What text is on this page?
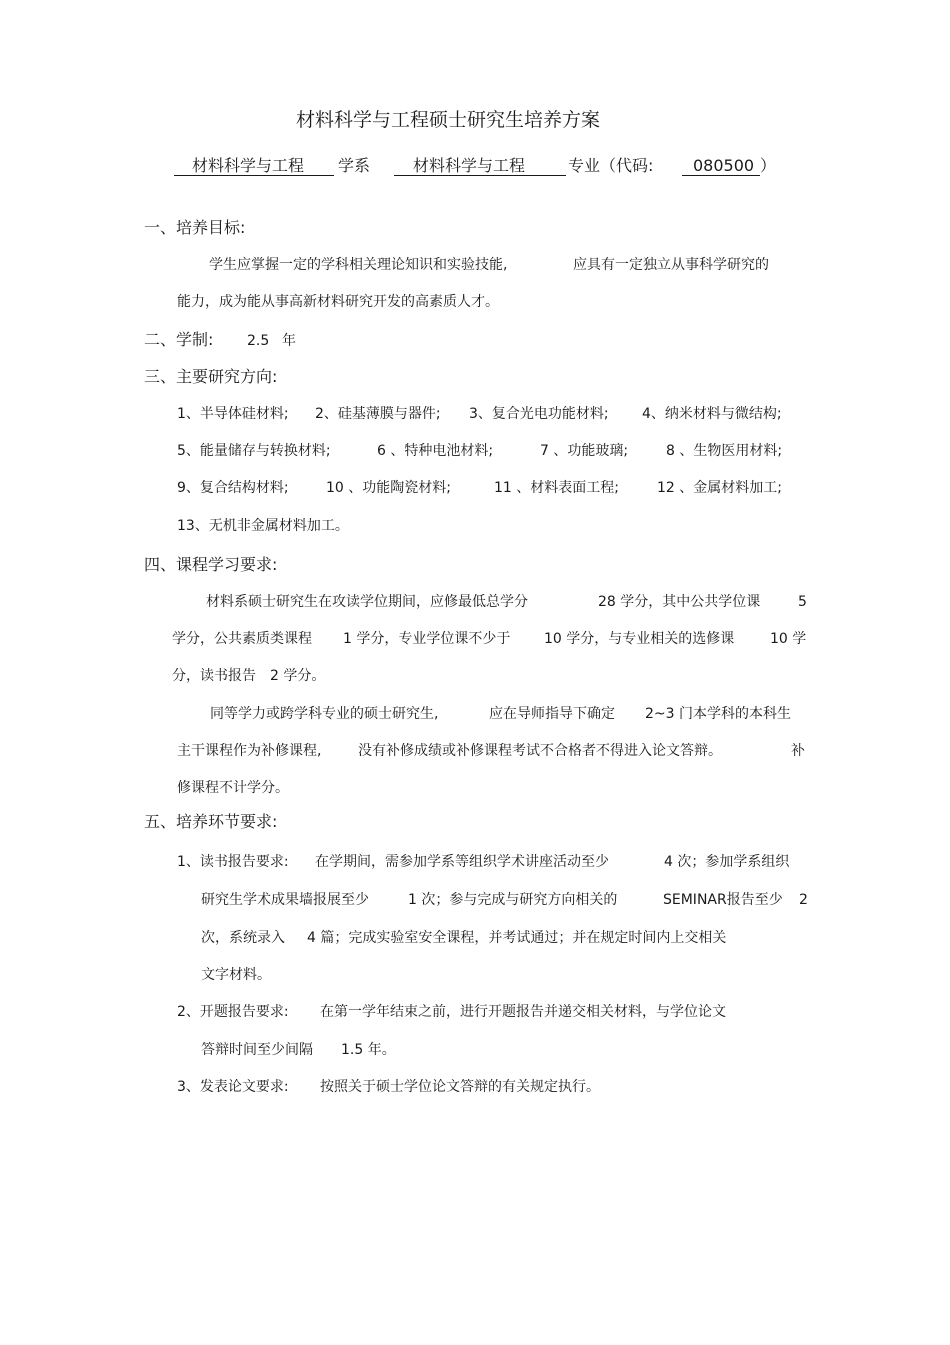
材料科学与工程硕士研究生培养方案
材料科学与工程 学系	材料科学与工程	专业（代码: 080500 ）
一、培养目标:
学生应掌握一定的学科相关理论知识和实验技能,	应具有一定独立从事科学研究的
能力，成为能从事高新材料研究开发的高素质人才。
二、学制: 2.5 年
三、主要研究方向:
1、半导体硅材料; 2、硅基薄膜与器件; 3、复合光电功能材料; 4、纳米材料与微结构;
5、能量储存与转换材料;	6 、特种电池材料;	7 、功能玻璃;	8 、生物医用材料;
9、复合结构材料;	10 、功能陶瓷材料;	11 、材料表面工程;	12 、金属材料加工;
13、无机非金属材料加工。
四、课程学习要求:
材料系硕士研究生在攻读学位期间，应修最低总学分	28 学分，其中公共学位课	5
学分，公共素质类课程 1 学分，专业学位课不少于 10 学分，与专业相关的选修课	10 学
分，读书报告　2 学分。
同等学力或跨学科专业的硕士研究生,	应在导师指导下确定 2~3 门本学科的本科生
主干课程作为补修课程,	没有补修成绩或补修课程考试不合格者不得进入论文答辩。	补
修课程不计学分。
五、培养环节要求:
1、读书报告要求: 在学期间，需参加学系等组织学术讲座活动至少	4 次；参加学系组织
研究生学术成果墙报展至少	1 次；参与完成与研究方向相关的	SEMINAR报告至少 2
次，系统录入 4 篇；完成实验室安全课程，并考试通过；并在规定时间内上交相关
文字材料。
2、开题报告要求: 在第一学年结束之前，进行开题报告并递交相关材料，与学位论文
答辩时间至少间隔 1.5 年。
3、发表论文要求: 按照关于硕士学位论文答辩的有关规定执行。
